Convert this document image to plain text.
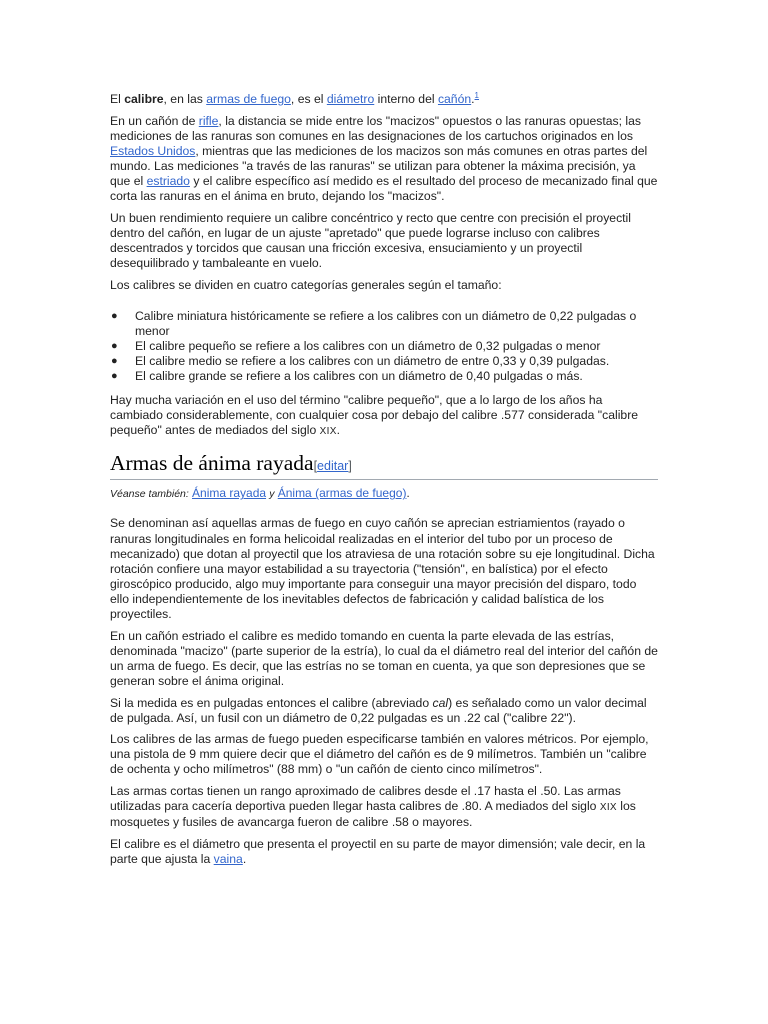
El calibre, en las armas de fuego, es el diámetro interno del cañón.$^1$

En un cañón de rifle, la distancia se mide entre los "macizos" opuestos o las ranuras opuestas; las mediciones de las ranuras son comunes en las designaciones de los cartuchos originados en los Estados Unidos, mientras que las mediciones de los macizos son más comunes en otras partes del mundo. Las mediciones "a través de las ranuras" se utilizan para obtener la máxima precisión, ya que el estriado y el calibre específico así medido es el resultado del proceso de mecanizado final que corta las ranuras en el ánima en bruto, dejando los "macizos".

Un buen rendimiento requiere un calibre concéntrico y recto que centre con precisión el proyectil dentro del cañón, en lugar de un ajuste "apretado" que puede lograrse incluso con calibres descentrados y torcidos que causan una fricción excesiva, ensuciamiento y un proyectil desequilibrado y tambaleante en vuelo.

Los calibres se dividen en cuatro categorías generales según el tamaño:

● Calibre miniatura históricamente se refiere a los calibres con un diámetro de 0,22 pulgadas o menor
● El calibre pequeño se refiere a los calibres con un diámetro de 0,32 pulgadas o menor
● El calibre medio se refiere a los calibres con un diámetro de entre 0,33 y 0,39 pulgadas.
● El calibre grande se refiere a los calibres con un diámetro de 0,40 pulgadas o más.

Hay mucha variación en el uso del término "calibre pequeño", que a lo largo de los años ha cambiado considerablemente, con cualquier cosa por debajo del calibre .577 considerada "calibre pequeño" antes de mediados del siglo XIX.

Armas de ánima rayada[editar]

Véanse también: Ánima rayada y Ánima (armas de fuego).

Se denominan así aquellas armas de fuego en cuyo cañón se aprecian estriamientos (rayado o ranuras longitudinales en forma helicoidal realizadas en el interior del tubo por un proceso de mecanizado) que dotan al proyectil que los atraviesa de una rotación sobre su eje longitudinal. Dicha rotación confiere una mayor estabilidad a su trayectoria ("tensión", en balística) por el efecto giroscópico producido, algo muy importante para conseguir una mayor precisión del disparo, todo ello independientemente de los inevitables defectos de fabricación y calidad balística de los proyectiles.

En un cañón estriado el calibre es medido tomando en cuenta la parte elevada de las estrías, denominada "macizo" (parte superior de la estría), lo cual da el diámetro real del interior del cañón de un arma de fuego. Es decir, que las estrías no se toman en cuenta, ya que son depresiones que se generan sobre el ánima original.

Si la medida es en pulgadas entonces el calibre (abreviado cal) es señalado como un valor decimal de pulgada. Así, un fusil con un diámetro de 0,22 pulgadas es un .22 cal ("calibre 22").

Los calibres de las armas de fuego pueden especificarse también en valores métricos. Por ejemplo, una pistola de 9 mm quiere decir que el diámetro del cañón es de 9 milímetros. También un "calibre de ochenta y ocho milímetros" (88 mm) o "un cañón de ciento cinco milímetros".

Las armas cortas tienen un rango aproximado de calibres desde el .17 hasta el .50. Las armas utilizadas para cacería deportiva pueden llegar hasta calibres de .80. A mediados del siglo XIX los mosquetes y fusiles de avancarga fueron de calibre .58 o mayores.

El calibre es el diámetro que presenta el proyectil en su parte de mayor dimensión; vale decir, en la parte que ajusta la vaina.
